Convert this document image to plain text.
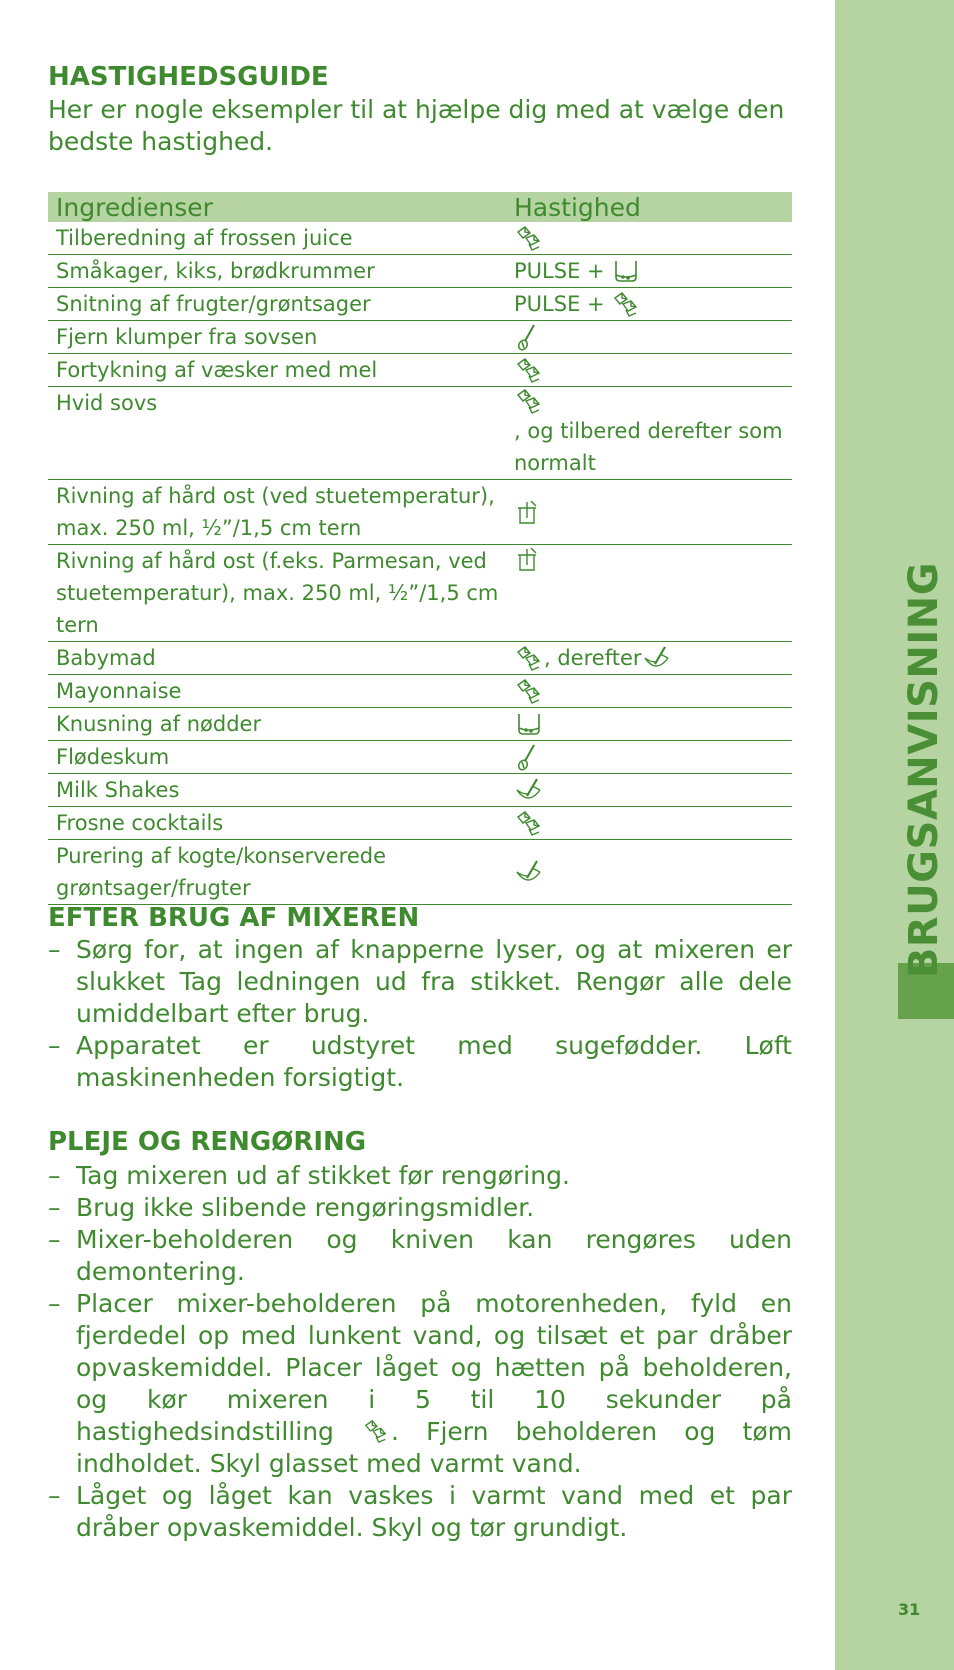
BRUGSANVISNING
31
HASTIGHEDSGUIDE

Her er nogle eksempler til at hjælpe dig med at vælge den bedste hastighed.

Ingredienser	Hastighed
Tilberedning af frossen juice
Småkager, kiks, brødkrummer	PULSE +
Snitning af frugter/grøntsager	PULSE +
Fjern klumper fra sovsen
Fortykning af væsker med mel
Hvid sovs
, og tilbered derefter som normalt
Rivning af hård ost (ved stuetemperatur), max. 250 ml, ½”/1,5 cm tern
Rivning af hård ost (f.eks. Parmesan, ved stuetemperatur), max. 250 ml, ½”/1,5 cm tern
Babymad	, derefter
Mayonnaise
Knusning af nødder
Flødeskum
Milk Shakes
Frosne cocktails
Purering af kogte/konserverede grøntsager/frugter
EFTER BRUG AF MIXEREN
– Sørg for, at ingen af knapperne lyser, og at mixeren er slukket Tag ledningen ud fra stikket. Rengør alle dele umiddelbart efter brug.
– Apparatet er udstyret med sugefødder. Løft maskinenheden forsigtigt.
PLEJE OG RENGØRING
– Tag mixeren ud af stikket før rengøring.
– Brug ikke slibende rengøringsmidler.
– Mixer-beholderen og kniven kan rengøres uden demontering.
– Placer mixer-beholderen på motorenheden, fyld en fjerdedel op med lunkent vand, og tilsæt et par dråber opvaskemiddel. Placer låget og hætten på beholderen, og kør mixeren i 5 til 10 sekunder på hastighedsindstilling . Fjern beholderen og tøm indholdet. Skyl glasset med varmt vand.
– Låget og låget kan vaskes i varmt vand med et par dråber opvaskemiddel. Skyl og tør grundigt.
